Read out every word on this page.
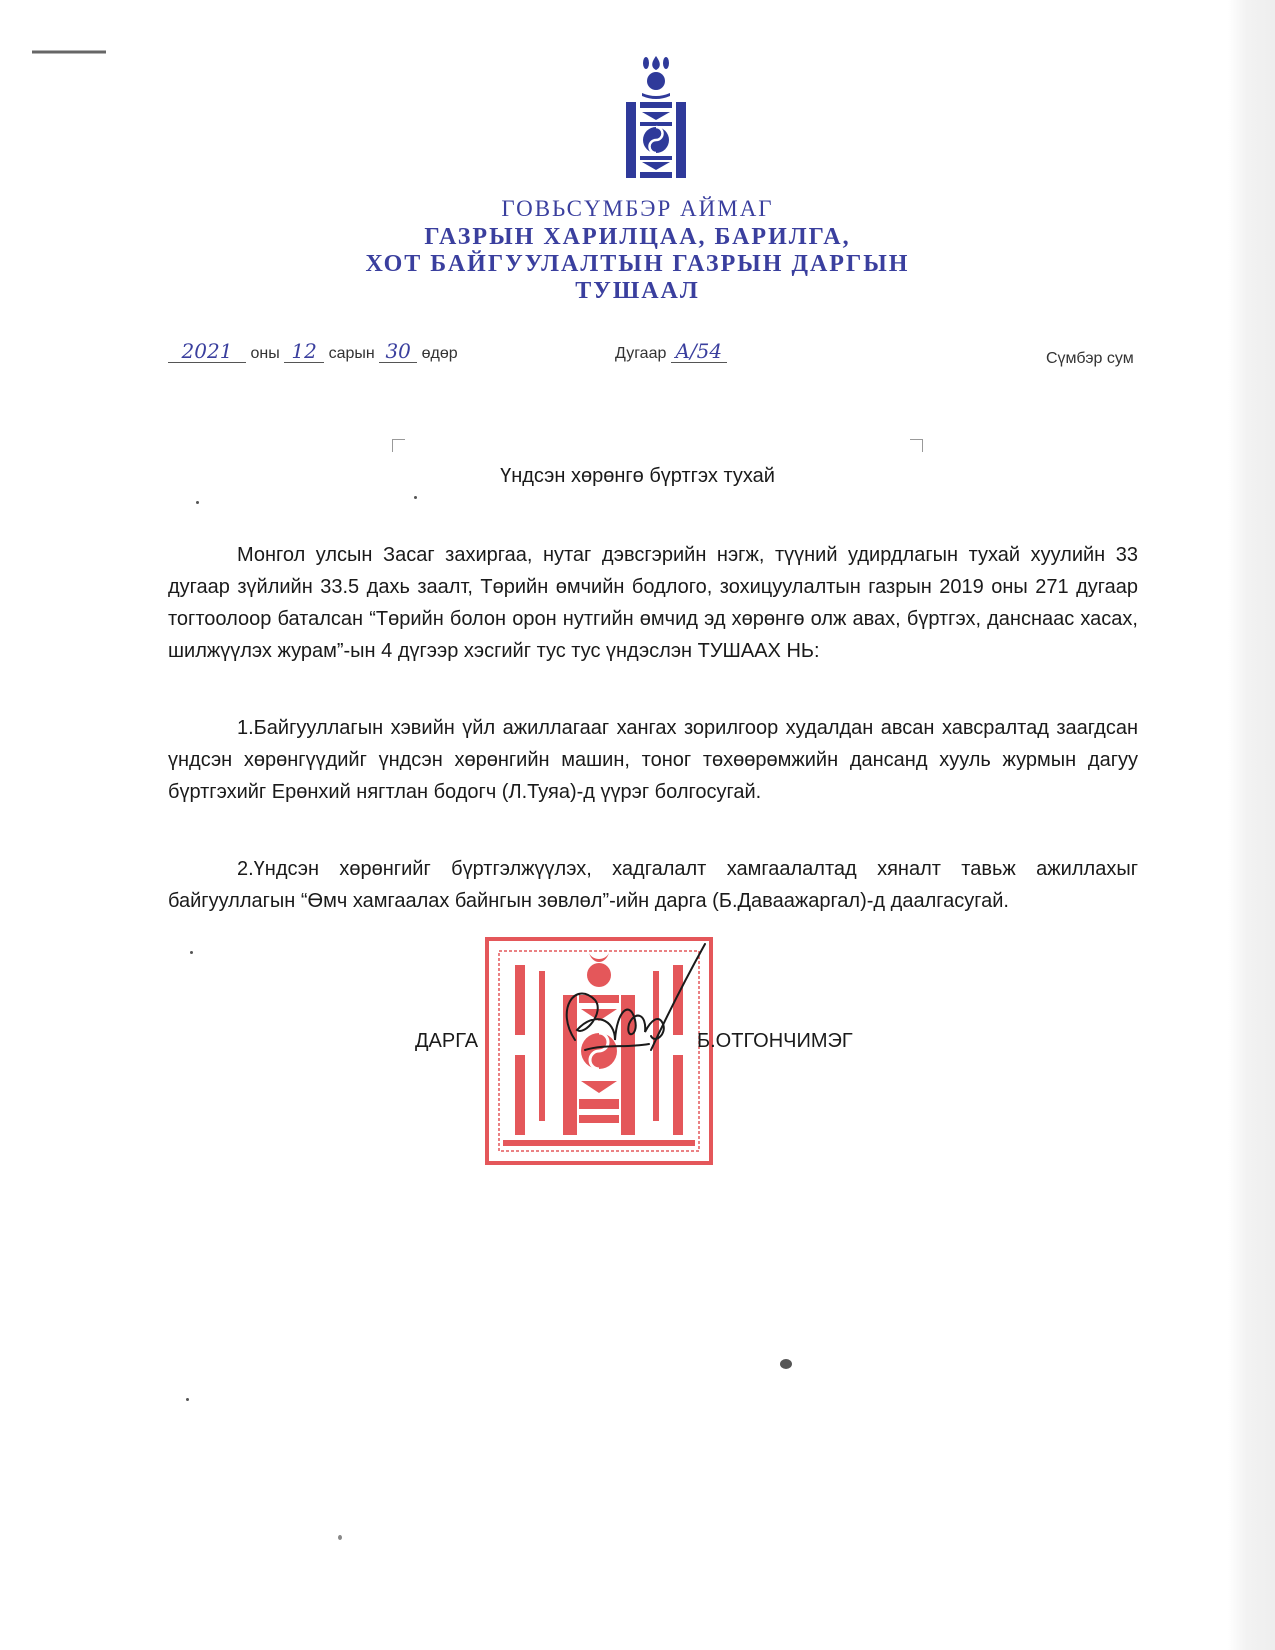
ГОВЬСҮМБЭР АЙМАГ
ГАЗРЫН ХАРИЛЦАА, БАРИЛГА,
ХОТ БАЙГУУЛАЛТЫН ГАЗРЫН ДАРГЫН
ТУШААЛ
2021 оны 12 сарын 30 өдөр	Дугаар A/54	Сүмбэр сум
Үндсэн хөрөнгө бүртгэх тухай

Монгол улсын Засаг захиргаа, нутаг дэвсгэрийн нэгж, түүний удирдлагын тухай хуулийн 33 дугаар зүйлийн 33.5 дахь заалт, Төрийн өмчийн бодлого, зохицуулалтын газрын 2019 оны 271 дугаар тогтоолоор баталсан “Төрийн болон орон нутгийн өмчид эд хөрөнгө олж авах, бүртгэх, данснаас хасах, шилжүүлэх журам”-ын 4 дүгээр хэсгийг тус тус үндэслэн ТУШААХ НЬ:

1.Байгууллагын хэвийн үйл ажиллагааг хангах зорилгоор худалдан авсан хавсралтад заагдсан үндсэн хөрөнгүүдийг үндсэн хөрөнгийн машин, тоног төхөөрөмжийн дансанд хууль журмын дагуу бүртгэхийг Ерөнхий нягтлан бодогч (Л.Туяа)-д үүрэг болгосугай.

2.Үндсэн хөрөнгийг бүртгэлжүүлэх, хадгалалт хамгаалалтад хяналт тавьж ажиллахыг байгууллагын “Өмч хамгаалах байнгын зөвлөл”-ийн дарга (Б.Даваажаргал)-д даалгасугай.

ДАРГА	Б.ОТГОНЧИМЭГ
